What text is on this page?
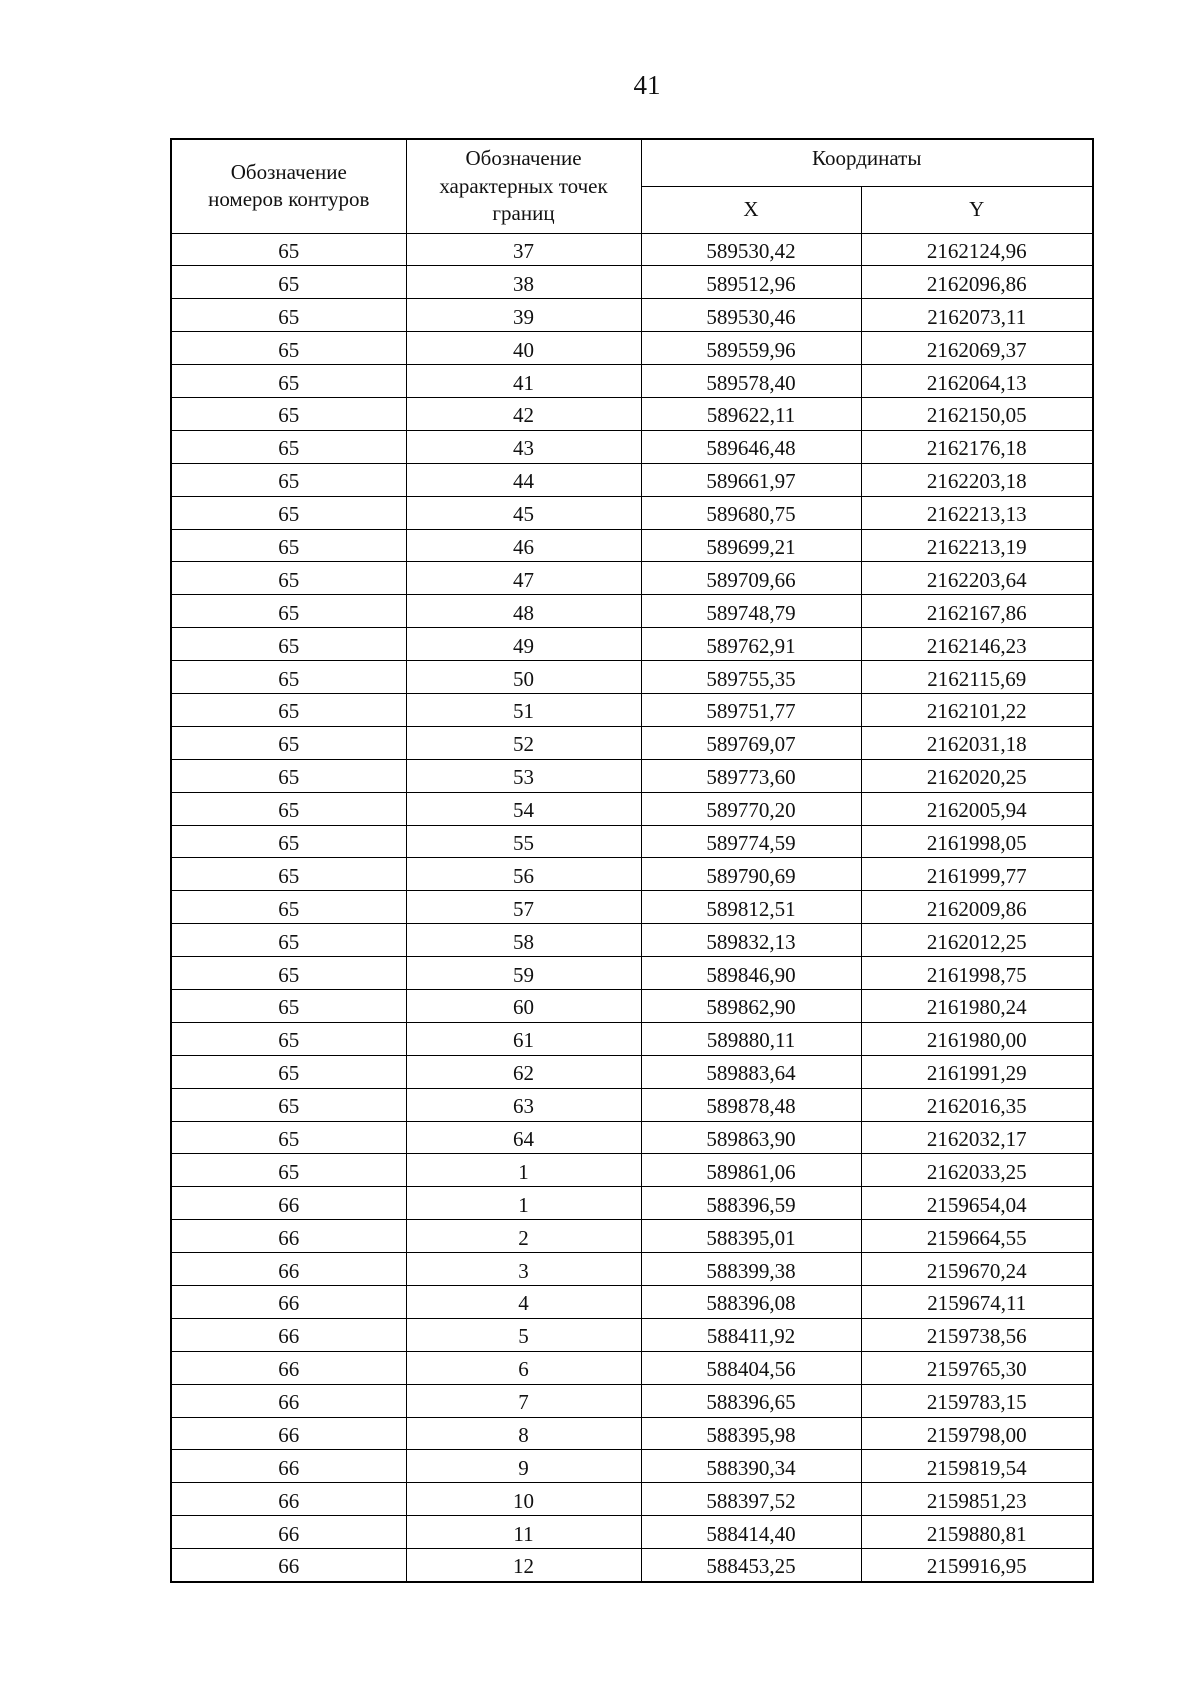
41
Обозначение
номеров контуров	Обозначение
характерных точек
границ	Координаты	
		X	Y
65	37	589530,42	2162124,96
65	38	589512,96	2162096,86
65	39	589530,46	2162073,11
65	40	589559,96	2162069,37
65	41	589578,40	2162064,13
65	42	589622,11	2162150,05
65	43	589646,48	2162176,18
65	44	589661,97	2162203,18
65	45	589680,75	2162213,13
65	46	589699,21	2162213,19
65	47	589709,66	2162203,64
65	48	589748,79	2162167,86
65	49	589762,91	2162146,23
65	50	589755,35	2162115,69
65	51	589751,77	2162101,22
65	52	589769,07	2162031,18
65	53	589773,60	2162020,25
65	54	589770,20	2162005,94
65	55	589774,59	2161998,05
65	56	589790,69	2161999,77
65	57	589812,51	2162009,86
65	58	589832,13	2162012,25
65	59	589846,90	2161998,75
65	60	589862,90	2161980,24
65	61	589880,11	2161980,00
65	62	589883,64	2161991,29
65	63	589878,48	2162016,35
65	64	589863,90	2162032,17
65	1	589861,06	2162033,25
66	1	588396,59	2159654,04
66	2	588395,01	2159664,55
66	3	588399,38	2159670,24
66	4	588396,08	2159674,11
66	5	588411,92	2159738,56
66	6	588404,56	2159765,30
66	7	588396,65	2159783,15
66	8	588395,98	2159798,00
66	9	588390,34	2159819,54
66	10	588397,52	2159851,23
66	11	588414,40	2159880,81
66	12	588453,25	2159916,95
